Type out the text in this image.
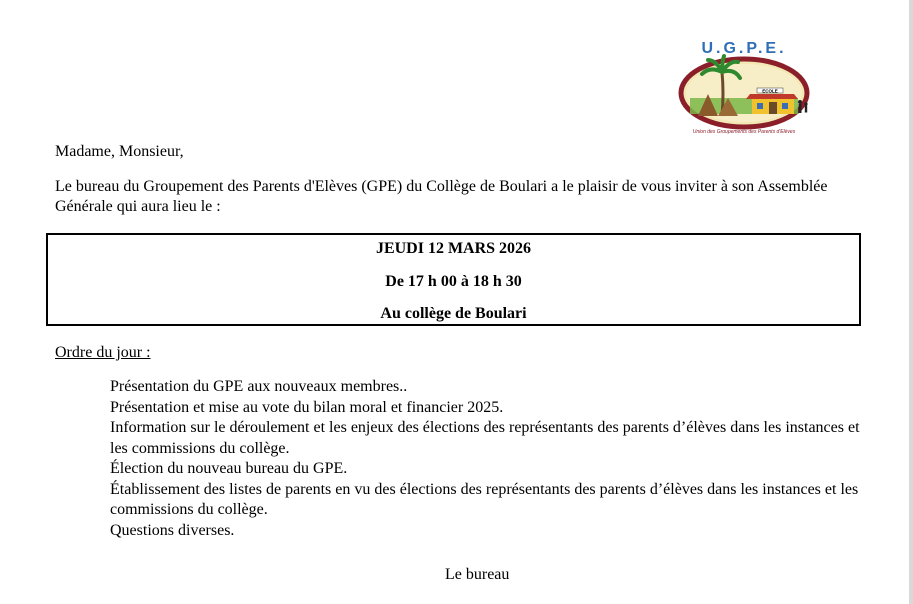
ECOLE
U.G.P.E.
Union des Groupements des Parents d'Elèves
Madame, Monsieur,
Le bureau du Groupement des Parents d'Elèves (GPE) du Collège de Boulari a le plaisir de vous inviter à son Assemblée Générale qui aura lieu le :
JEUDI 12 MARS 2026
De 17 h 00 à 18 h 30
Au collège de Boulari
Ordre du jour :
Présentation du GPE aux nouveaux membres..
Présentation et mise au vote du bilan moral et financier 2025.
Information sur le déroulement et les enjeux des élections des représentants des parents d’élèves dans les instances et les commissions du collège.
Élection du nouveau bureau du GPE.
Établissement des listes de parents en vu des élections des représentants des parents d’élèves dans les instances et les commissions du collège.
Questions diverses.
Le bureau
